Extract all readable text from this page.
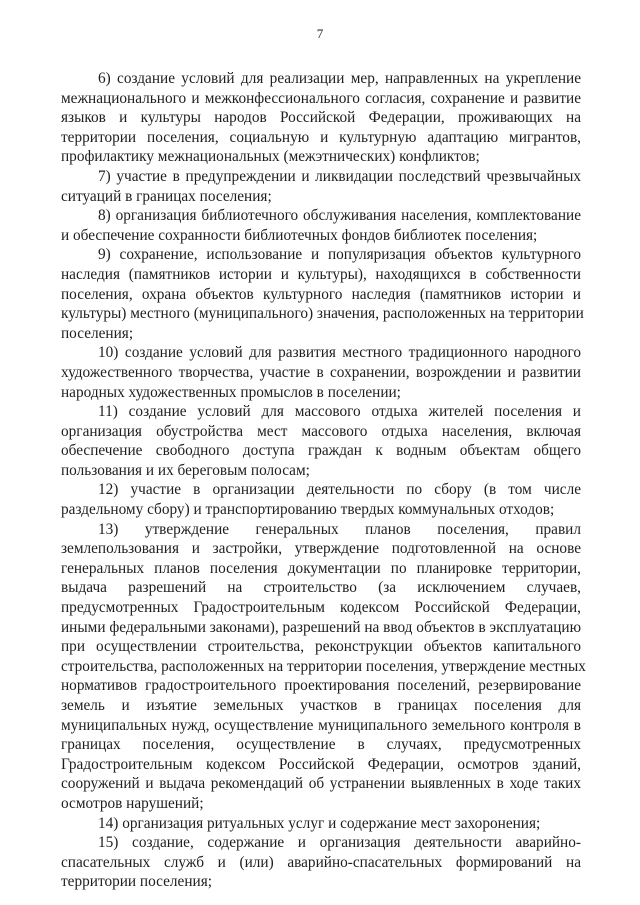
7
6) создание условий для реализации мер, направленных на укрепление
межнационального и межконфессионального согласия, сохранение и развитие
языков и культуры народов Российской Федерации, проживающих на
территории поселения, социальную и культурную адаптацию мигрантов,
профилактику межнациональных (межэтнических) конфликтов;
7) участие в предупреждении и ликвидации последствий чрезвычайных
ситуаций в границах поселения;
8) организация библиотечного обслуживания населения, комплектование
и обеспечение сохранности библиотечных фондов библиотек поселения;
9) сохранение, использование и популяризация объектов культурного
наследия (памятников истории и культуры), находящихся в собственности
поселения, охрана объектов культурного наследия (памятников истории и
культуры) местного (муниципального) значения, расположенных на территории
поселения;
10) создание условий для развития местного традиционного народного
художественного творчества, участие в сохранении, возрождении и развитии
народных художественных промыслов в поселении;
11) создание условий для массового отдыха жителей поселения и
организация обустройства мест массового отдыха населения, включая
обеспечение свободного доступа граждан к водным объектам общего
пользования и их береговым полосам;
12) участие в организации деятельности по сбору (в том числе
раздельному сбору) и транспортированию твердых коммунальных отходов;
13) утверждение генеральных планов поселения, правил
землепользования и застройки, утверждение подготовленной на основе
генеральных планов поселения документации по планировке территории,
выдача разрешений на строительство (за исключением случаев,
предусмотренных Градостроительным кодексом Российской Федерации,
иными федеральными законами), разрешений на ввод объектов в эксплуатацию
при осуществлении строительства, реконструкции объектов капитального
строительства, расположенных на территории поселения, утверждение местных
нормативов градостроительного проектирования поселений, резервирование
земель и изъятие земельных участков в границах поселения для
муниципальных нужд, осуществление муниципального земельного контроля в
границах поселения, осуществление в случаях, предусмотренных
Градостроительным кодексом Российской Федерации, осмотров зданий,
сооружений и выдача рекомендаций об устранении выявленных в ходе таких
осмотров нарушений;
14) организация ритуальных услуг и содержание мест захоронения;
15) создание, содержание и организация деятельности аварийно-
спасательных служб и (или) аварийно-спасательных формирований на
территории поселения;
